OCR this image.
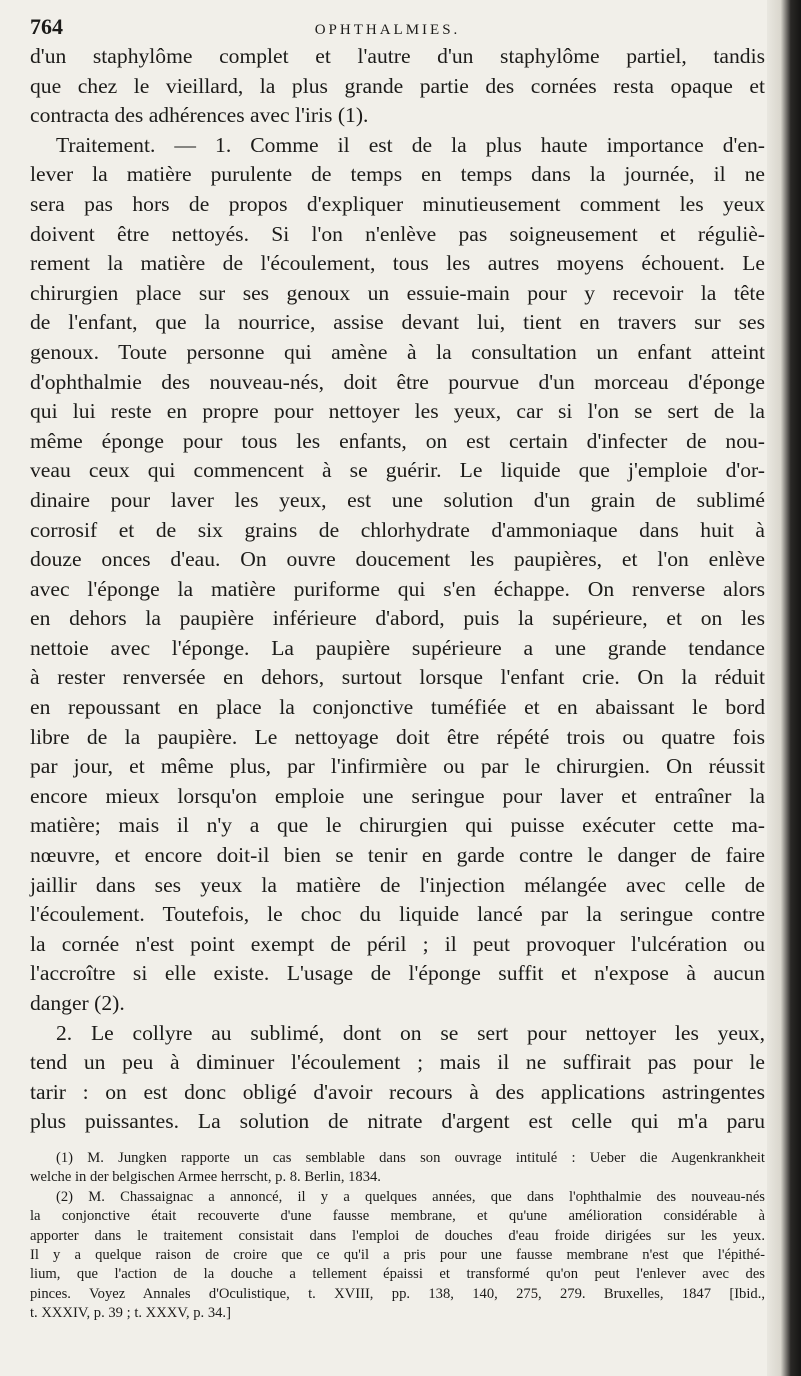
764	OPHTHALMIES.
d'un staphylôme complet et l'autre d'un staphylôme partiel, tandis
que chez le vieillard, la plus grande partie des cornées resta opaque et
contracta des adhérences avec l'iris (1).
Traitement. — 1. Comme il est de la plus haute importance d'en-
lever la matière purulente de temps en temps dans la journée, il ne
sera pas hors de propos d'expliquer minutieusement comment les yeux
doivent être nettoyés. Si l'on n'enlève pas soigneusement et réguliè-
rement la matière de l'écoulement, tous les autres moyens échouent. Le
chirurgien place sur ses genoux un essuie-main pour y recevoir la tête
de l'enfant, que la nourrice, assise devant lui, tient en travers sur ses
genoux. Toute personne qui amène à la consultation un enfant atteint
d'ophthalmie des nouveau-nés, doit être pourvue d'un morceau d'éponge
qui lui reste en propre pour nettoyer les yeux, car si l'on se sert de la
même éponge pour tous les enfants, on est certain d'infecter de nou-
veau ceux qui commencent à se guérir. Le liquide que j'emploie d'or-
dinaire pour laver les yeux, est une solution d'un grain de sublimé
corrosif et de six grains de chlorhydrate d'ammoniaque dans huit à
douze onces d'eau. On ouvre doucement les paupières, et l'on enlève
avec l'éponge la matière puriforme qui s'en échappe. On renverse alors
en dehors la paupière inférieure d'abord, puis la supérieure, et on les
nettoie avec l'éponge. La paupière supérieure a une grande tendance
à rester renversée en dehors, surtout lorsque l'enfant crie. On la réduit
en repoussant en place la conjonctive tuméfiée et en abaissant le bord
libre de la paupière. Le nettoyage doit être répété trois ou quatre fois
par jour, et même plus, par l'infirmière ou par le chirurgien. On réussit
encore mieux lorsqu'on emploie une seringue pour laver et entraîner la
matière; mais il n'y a que le chirurgien qui puisse exécuter cette ma-
nœuvre, et encore doit-il bien se tenir en garde contre le danger de faire
jaillir dans ses yeux la matière de l'injection mélangée avec celle de
l'écoulement. Toutefois, le choc du liquide lancé par la seringue contre
la cornée n'est point exempt de péril ; il peut provoquer l'ulcération ou
l'accroître si elle existe. L'usage de l'éponge suffit et n'expose à aucun
danger (2).
2. Le collyre au sublimé, dont on se sert pour nettoyer les yeux,
tend un peu à diminuer l'écoulement ; mais il ne suffirait pas pour le
tarir : on est donc obligé d'avoir recours à des applications astringentes
plus puissantes. La solution de nitrate d'argent est celle qui m'a paru
(1) M. Jungken rapporte un cas semblable dans son ouvrage intitulé : Ueber die Augenkrankheit
welche in der belgischen Armee herrscht, p. 8. Berlin, 1834.
(2) M. Chassaignac a annoncé, il y a quelques années, que dans l'ophthalmie des nouveau-nés
la conjonctive était recouverte d'une fausse membrane, et qu'une amélioration considérable à
apporter dans le traitement consistait dans l'emploi de douches d'eau froide dirigées sur les yeux.
Il y a quelque raison de croire que ce qu'il a pris pour une fausse membrane n'est que l'épithé-
lium, que l'action de la douche a tellement épaissi et transformé qu'on peut l'enlever avec des
pinces. Voyez Annales d'Oculistique, t. XVIII, pp. 138, 140, 275, 279. Bruxelles, 1847 [Ibid.,
t. XXXIV, p. 39 ; t. XXXV, p. 34.]
